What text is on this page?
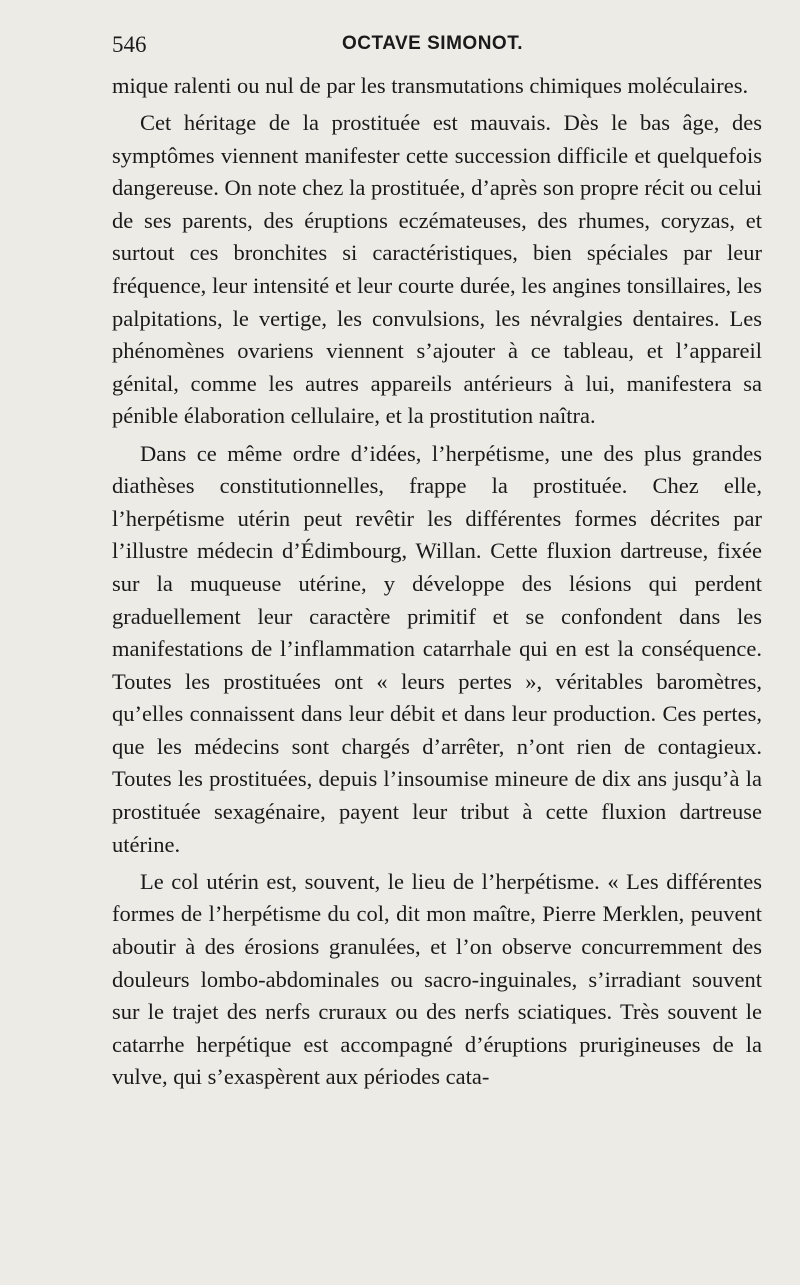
546	OCTAVE SIMONOT.

mique ralenti ou nul de par les transmutations chimiques moléculaires.

Cet héritage de la prostituée est mauvais. Dès le bas âge, des symptômes viennent manifester cette succession difficile et quelquefois dangereuse. On note chez la prostituée, d’après son propre récit ou celui de ses parents, des éruptions eczémateuses, des rhumes, coryzas, et surtout ces bronchites si caractéristiques, bien spéciales par leur fréquence, leur intensité et leur courte durée, les angines tonsillaires, les palpitations, le vertige, les convulsions, les névralgies dentaires. Les phénomènes ovariens viennent s’ajouter à ce tableau, et l’appareil génital, comme les autres appareils antérieurs à lui, manifestera sa pénible élaboration cellulaire, et la prostitution naîtra.

Dans ce même ordre d’idées, l’herpétisme, une des plus grandes diathèses constitutionnelles, frappe la prostituée. Chez elle, l’herpétisme utérin peut revêtir les différentes formes décrites par l’illustre médecin d’Édimbourg, Willan. Cette fluxion dartreuse, fixée sur la muqueuse utérine, y développe des lésions qui perdent graduellement leur caractère primitif et se confondent dans les manifestations de l’inflammation catarrhale qui en est la conséquence. Toutes les prostituées ont « leurs pertes », véritables baromètres, qu’elles connaissent dans leur débit et dans leur production. Ces pertes, que les médecins sont chargés d’arrêter, n’ont rien de contagieux. Toutes les prostituées, depuis l’insoumise mineure de dix ans jusqu’à la prostituée sexagénaire, payent leur tribut à cette fluxion dartreuse utérine.

Le col utérin est, souvent, le lieu de l’herpétisme. « Les différentes formes de l’herpétisme du col, dit mon maître, Pierre Merklen, peuvent aboutir à des érosions granulées, et l’on observe concurremment des douleurs lombo-abdominales ou sacro-inguinales, s’irradiant souvent sur le trajet des nerfs cruraux ou des nerfs sciatiques. Très souvent le catarrhe herpétique est accompagné d’éruptions prurigineuses de la vulve, qui s’exaspèrent aux périodes cata-
